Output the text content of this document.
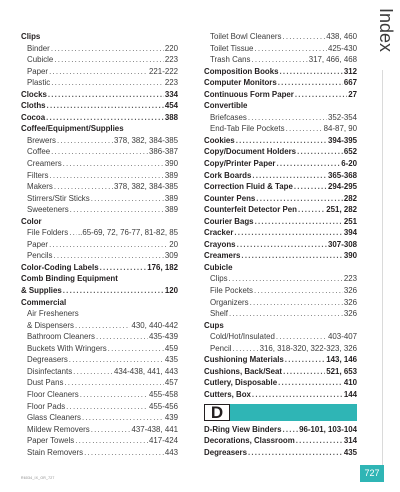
Index
Clips
Binder .....	220
Cubicle .....	223
Paper .....	221-222
Plastic .....	223
Clocks .....	334
Cloths .....	454
Cocoa .....	388
Coffee/Equipment/Supplies
Brewers .....	378, 382, 384-385
Coffee .....	386-387
Creamers .....	390
Filters .....	389
Makers .....	378, 382, 384-385
Stirrers/Stir Sticks .....	389
Sweeteners .....	389
Color
File Folders ..... ..65-69, 72, 76-77, 81-82, 85
Paper .....	20
Pencils .....	309
Color-Coding Labels .....	176, 182
Comb Binding Equipment
& Supplies .....	120
Commercial
Air Fresheners
& Dispensers .....	430, 440-442
Bathroom Cleaners .....	435-439
Buckets With Wringers .....	459
Degreasers .....	435
Disinfectants .....	434-438, 441, 443
Dust Pans .....	457
Floor Cleaners .....	455-458
Floor Pads .....	455-456
Glass Cleaners .....	439
Mildew Removers .....	437-438, 441
Paper Towels .....	417-424
Stain Removers .....	443
Toilet Bowl Cleaners .....	438, 460
Toilet Tissue .....	425-430
Trash Cans .....	317, 466, 468
Composition Books .....	312
Computer Monitors .....	667
Continuous Form Paper .....	27
Convertible
Briefcases .....	352-354
End-Tab File Pockets .....	84-87, 90
Cookies .....	394-395
Copy/Document Holders .....	652
Copy/Printer Paper .....	6-20
Cork Boards .....	365-368
Correction Fluid & Tape .....	294-295
Counter Pens .....	282
Counterfeit Detector Pen .....	251, 282
Courier Bags .....	251
Cracker .....	394
Crayons .....	307-308
Creamers .....	390
Cubicle
Clips .....	223
File Pockets .....	326
Organizers .....	326
Shelf .....	326
Cups
Cold/Hot/Insulated .....	403-407
Pencil .....	316, 318-320, 322-323, 326
Cushioning Materials .....	143, 146
Cushions, Back/Seat .....	521, 653
Cutlery, Disposable .....	410
Cutters, Box .....	144
D
D-Ring View Binders ..... 96-101, 103-104
Decorations, Classroom .....	314
Degreasers .....	435
R6034_IX_OR_727	727
